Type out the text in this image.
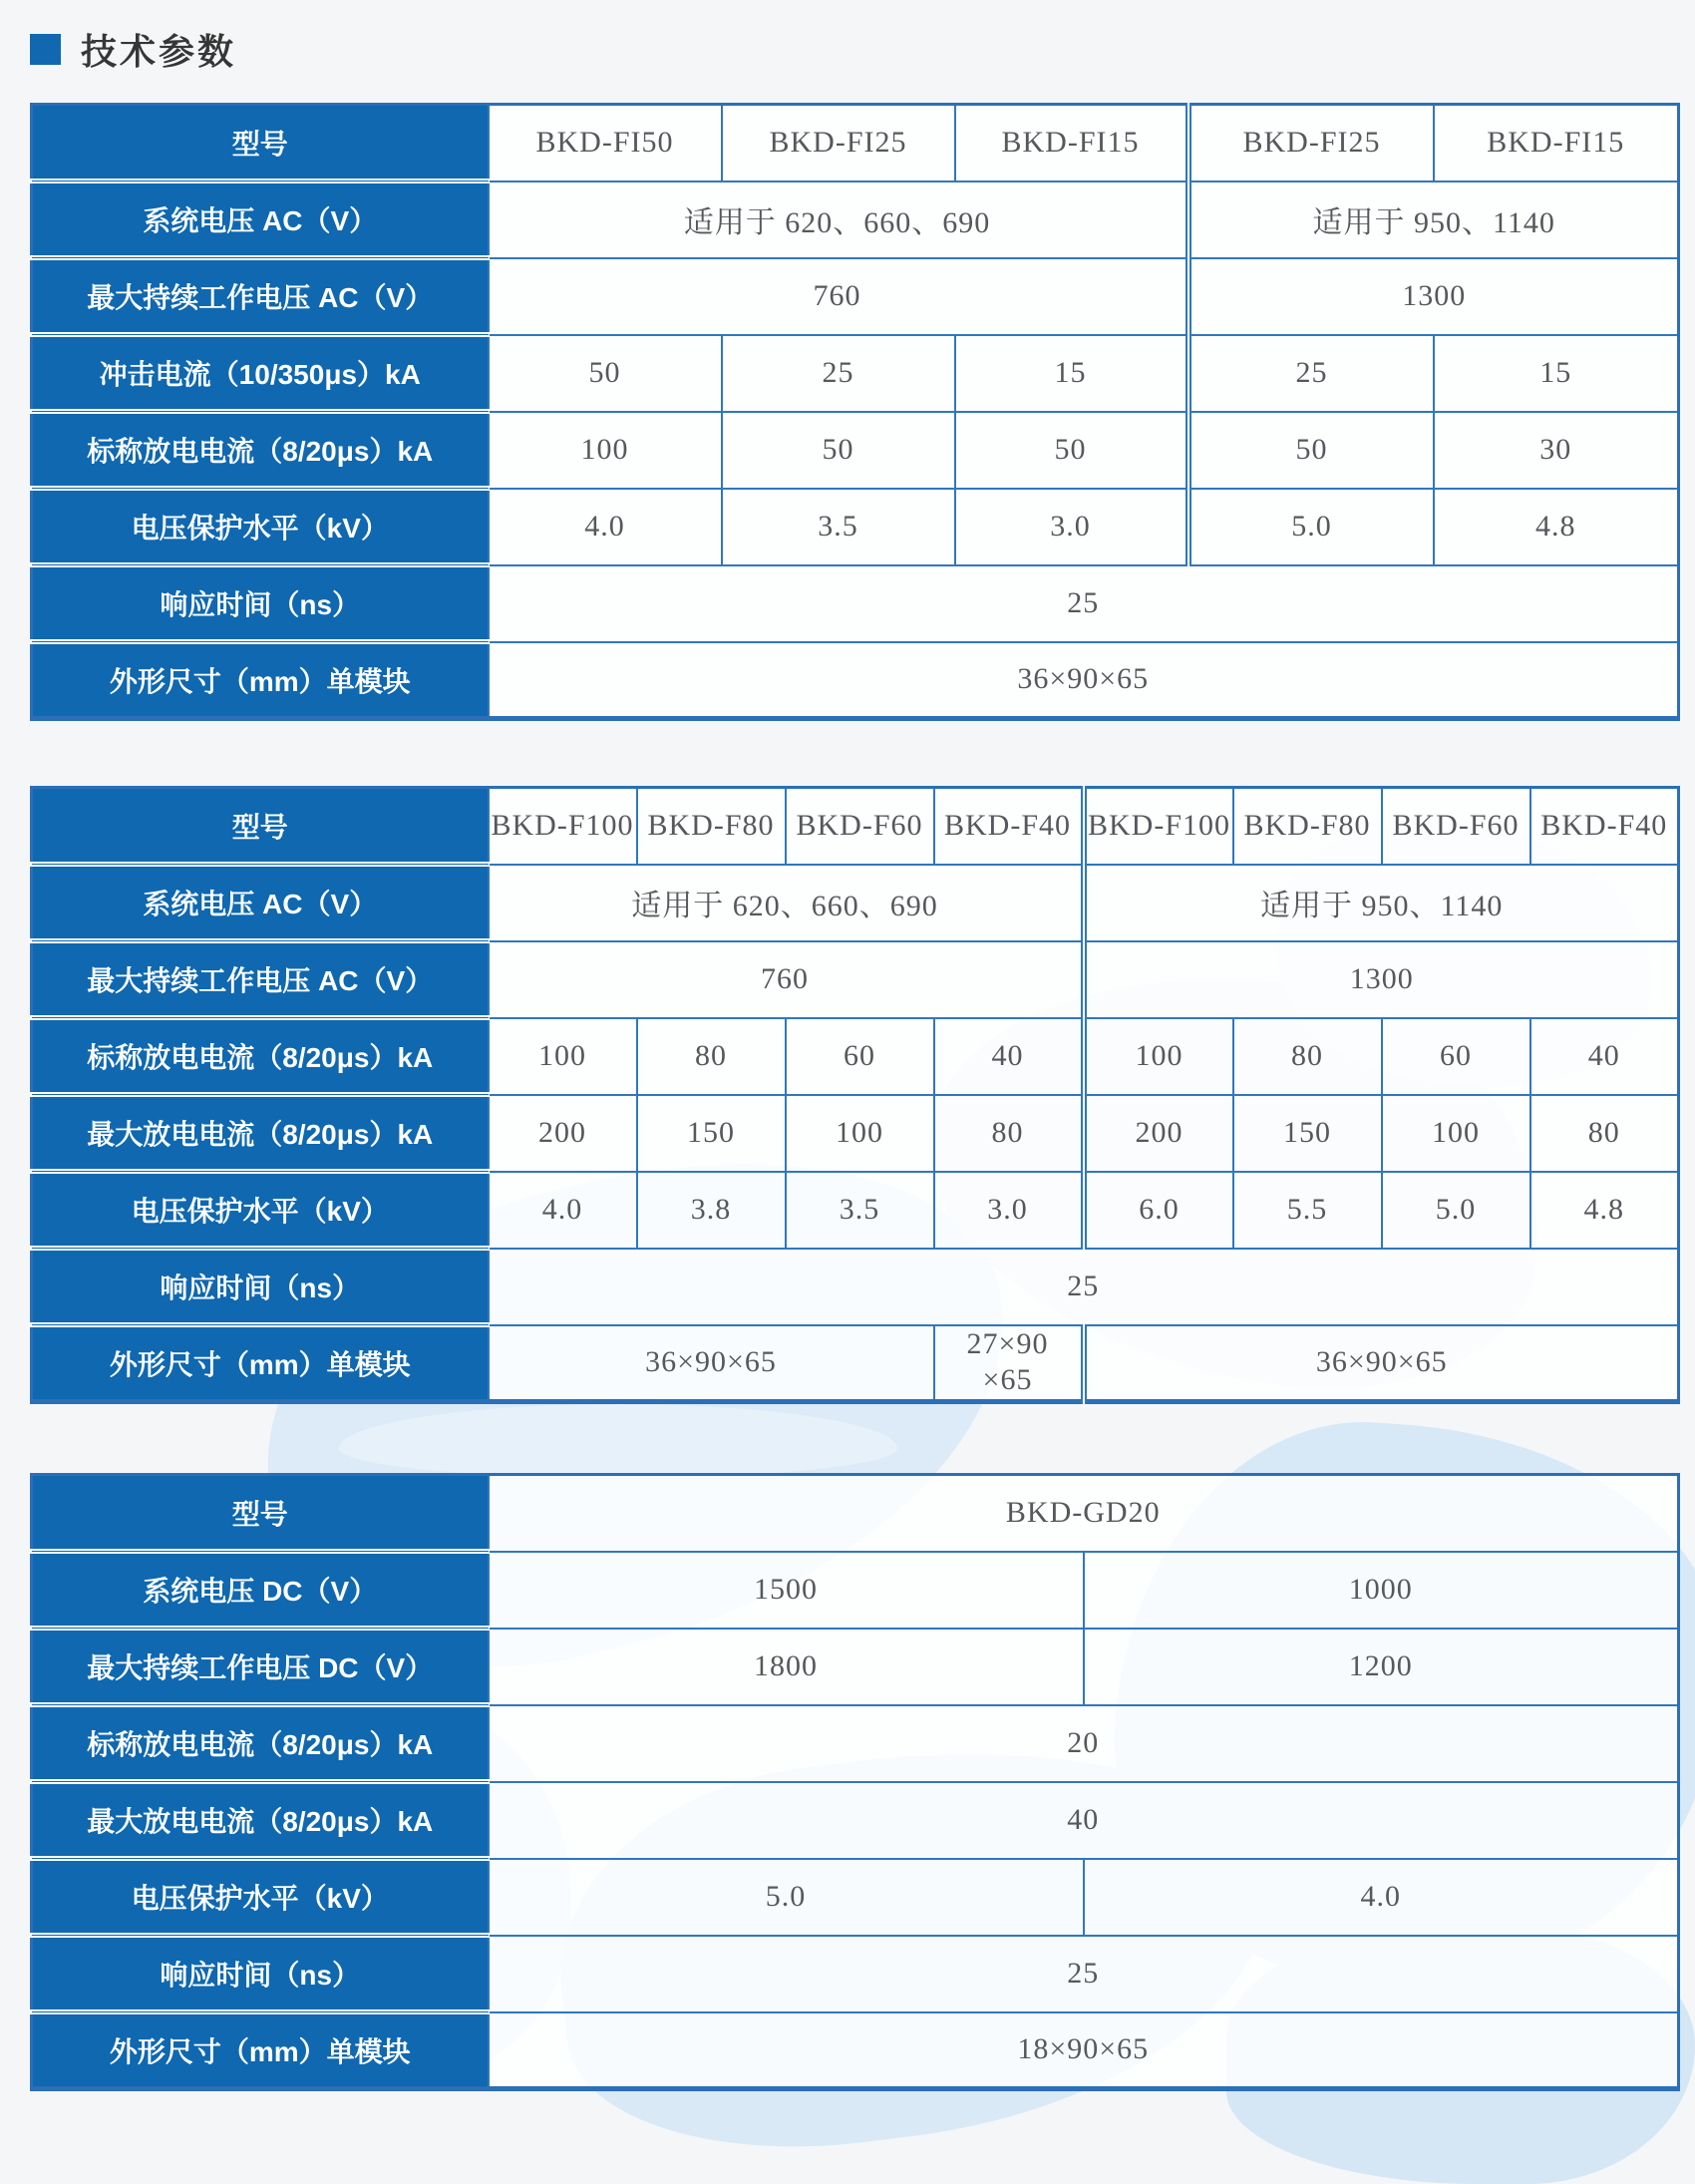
技术参数
型号	BKD-FI50	BKD-FI25	BKD-FI15	BKD-FI25	BKD-FI15
系统电压 AC（V）	适用于 620、660、690			适用于 950、1140	
最大持续工作电压 AC（V）	760			1300	
冲击电流（10/350μs）kA	50	25	15	25	15
标称放电电流（8/20μs）kA	100	50	50	50	30
电压保护水平（kV）	4.0	3.5	3.0	5.0	4.8
响应时间（ns）	25				
外形尺寸（mm）单模块	36×90×65				
型号	BKD-F100	BKD-F80	BKD-F60	BKD-F40	BKD-F100	BKD-F80	BKD-F60	BKD-F40
系统电压 AC（V）	适用于 620、660、690				适用于 950、1140			
最大持续工作电压 AC（V）	760				1300			
标称放电电流（8/20μs）kA	100	80	60	40	100	80	60	40
最大放电电流（8/20μs）kA	200	150	100	80	200	150	100	80
电压保护水平（kV）	4.0	3.8	3.5	3.0	6.0	5.5	5.0	4.8
响应时间（ns）	25							
外形尺寸（mm）单模块	36×90×65			27×90×65	36×90×65			
型号	BKD-GD20	
系统电压 DC（V）	1500	1000
最大持续工作电压 DC（V）	1800	1200
标称放电电流（8/20μs）kA	20	
最大放电电流（8/20μs）kA	40	
电压保护水平（kV）	5.0	4.0
响应时间（ns）	25	
外形尺寸（mm）单模块	18×90×65	
